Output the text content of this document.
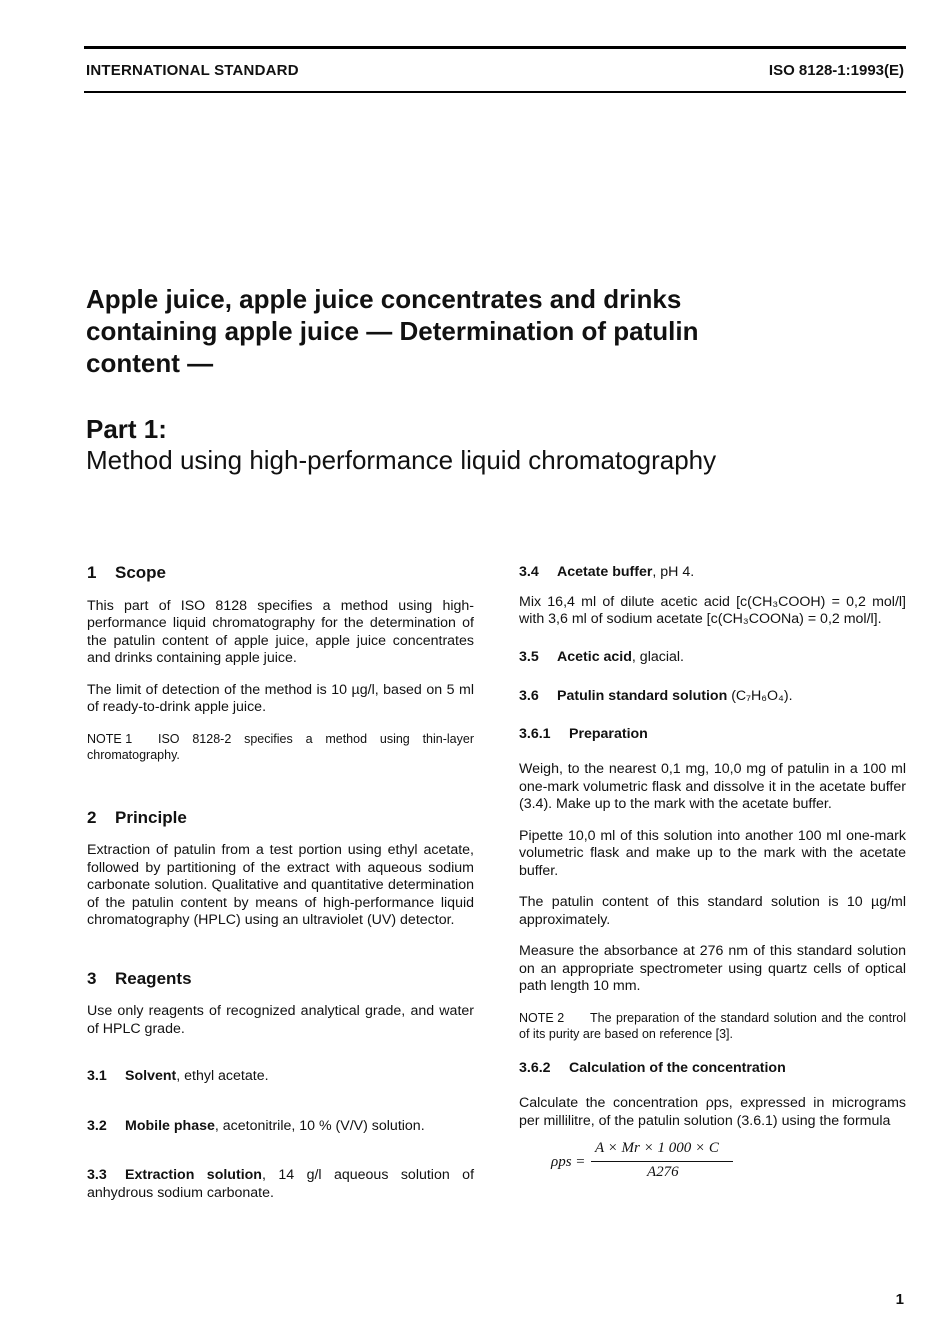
INTERNATIONAL STANDARD	ISO 8128-1:1993(E)
Apple juice, apple juice concentrates and drinks
containing apple juice — Determination of patulin
content —
Part 1:
Method using high-performance liquid chromatography
1 Scope

This part of ISO 8128 specifies a method using high-performance liquid chromatography for the determination of the patulin content of apple juice, apple juice concentrates and drinks containing apple juice.

The limit of detection of the method is 10 µg/l, based on 5 ml of ready-to-drink apple juice.

NOTE 1 ISO 8128-2 specifies a method using thin-layer chromatography.

2 Principle

Extraction of patulin from a test portion using ethyl acetate, followed by partitioning of the extract with aqueous sodium carbonate solution. Qualitative and quantitative determination of the patulin content by means of high-performance liquid chromatography (HPLC) using an ultraviolet (UV) detector.

3 Reagents

Use only reagents of recognized analytical grade, and water of HPLC grade.

3.1 Solvent, ethyl acetate.

3.2 Mobile phase, acetonitrile, 10 % (V/V) solution.

3.3 Extraction solution, 14 g/l aqueous solution of anhydrous sodium carbonate.

3.4 Acetate buffer, pH 4.

Mix 16,4 ml of dilute acetic acid [c(CH₃COOH) = 0,2 mol/l] with 3,6 ml of sodium acetate [c(CH₃COONa) = 0,2 mol/l].

3.5 Acetic acid, glacial.

3.6 Patulin standard solution (C₇H₆O₄).

3.6.1 Preparation

Weigh, to the nearest 0,1 mg, 10,0 mg of patulin in a 100 ml one-mark volumetric flask and dissolve it in the acetate buffer (3.4). Make up to the mark with the acetate buffer.

Pipette 10,0 ml of this solution into another 100 ml one-mark volumetric flask and make up to the mark with the acetate buffer.

The patulin content of this standard solution is 10 µg/ml approximately.

Measure the absorbance at 276 nm of this standard solution on an appropriate spectrometer using quartz cells of optical path length 10 mm.

NOTE 2 The preparation of the standard solution and the control of its purity are based on reference [3].

3.6.2 Calculation of the concentration

Calculate the concentration ρps, expressed in micrograms per millilitre, of the patulin solution (3.6.1) using the formula

ρps =
A × Mr × 1 000 × C
A276
1
